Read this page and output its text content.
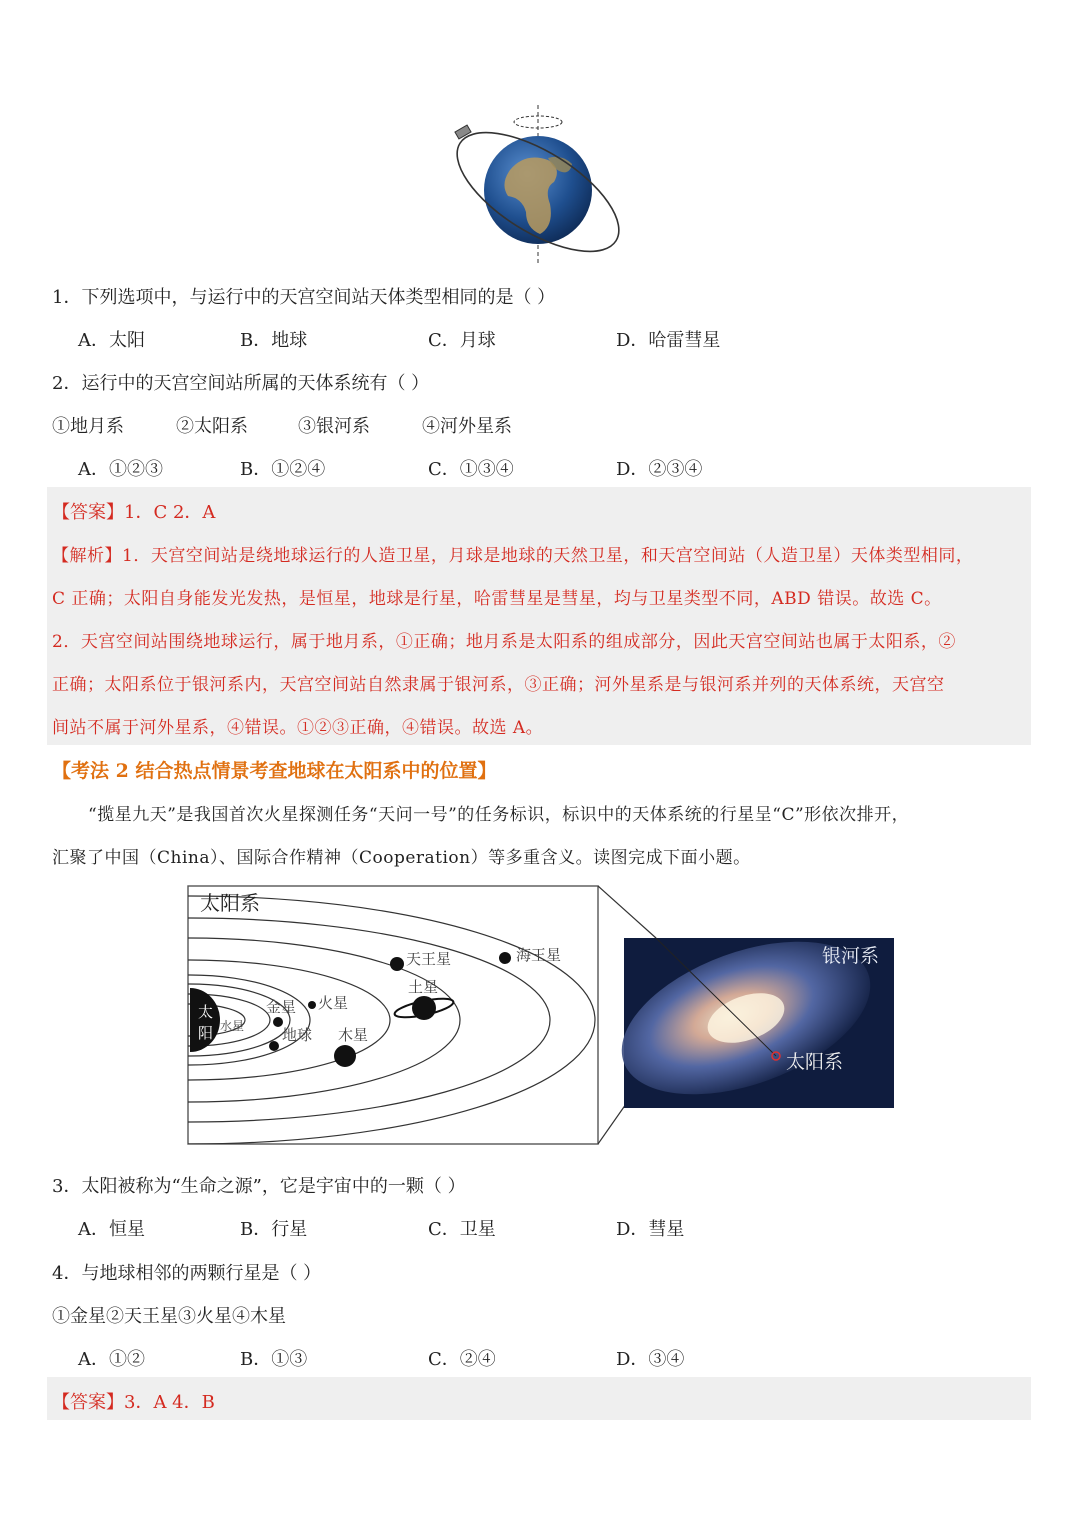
1．下列选项中，与运行中的天宫空间站天体类型相同的是（ ）
A．太阳	B．地球	C．月球	D．哈雷彗星
2．运行中的天宫空间站所属的天体系统有（ ）
①地月系	②太阳系	③银河系	④河外星系
A．①②③	B．①②④	C．①③④	D．②③④
【答案】1．C 2．A
【解析】1．天宫空间站是绕地球运行的人造卫星，月球是地球的天然卫星，和天宫空间站（人造卫星）天体类型相同，
C 正确；太阳自身能发光发热，是恒星，地球是行星，哈雷彗星是彗星，均与卫星类型不同，ABD 错误。故选 C。
2．天宫空间站围绕地球运行，属于地月系，①正确；地月系是太阳系的组成部分，因此天宫空间站也属于太阳系，②
正确；太阳系位于银河系内，天宫空间站自然隶属于银河系，③正确；河外星系是与银河系并列的天体系统，天宫空
间站不属于河外星系，④错误。①②③正确，④错误。故选 A。
【考法 2 结合热点情景考查地球在太阳系中的位置】
“揽星九天”是我国首次火星探测任务“天问一号”的任务标识，标识中的天体系统的行星呈“C”形依次排开，
汇聚了中国（China）、国际合作精神（Cooperation）等多重含义。读图完成下面小题。
太
阳 水星
金星
地球
火星
木星
土星
天王星	海王星
太阳系
银河系
太阳系
3．太阳被称为“生命之源”，它是宇宙中的一颗（ ）
A．恒星	B．行星	C．卫星	D．彗星
4．与地球相邻的两颗行星是（ ）
①金星②天王星③火星④木星
A．①②	B．①③	C．②④	D．③④
【答案】3．A 4．B
